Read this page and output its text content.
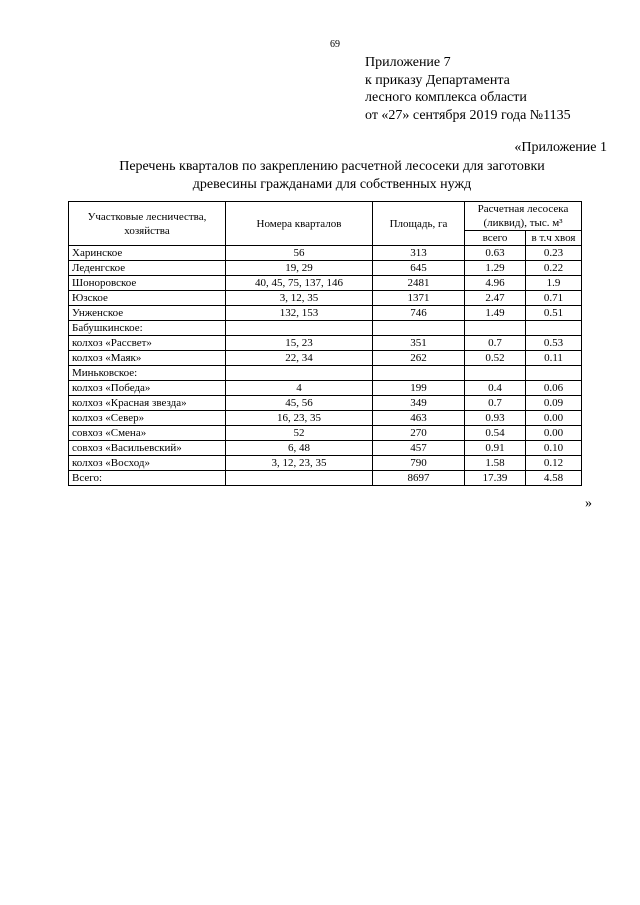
69
Приложение 7
к приказу Департамента
лесного комплекса области
от «27» сентября 2019 года №1135
«Приложение 1
Перечень кварталов по закреплению расчетной лесосеки для заготовки
древесины гражданами для собственных нужд
Участковые лесничества, хозяйства	Номера кварталов	Площадь, га	Расчетная лесосека (ликвид), тыс. м³	
			всего	в т.ч хвоя
Харинское	56	313	0.63	0.23
Ледeнгское	19, 29	645	1.29	0.22
Шоноровское	40, 45, 75, 137, 146	2481	4.96	1.9
Юзское	3, 12, 35	1371	2.47	0.71
Унженское	132, 153	746	1.49	0.51
Бабушкинское:				
колхоз «Рассвет»	15, 23	351	0.7	0.53
колхоз «Маяк»	22, 34	262	0.52	0.11
Миньковское:				
колхоз «Победа»	4	199	0.4	0.06
колхоз «Красная звезда»	45, 56	349	0.7	0.09
колхоз «Север»	16, 23, 35	463	0.93	0.00
совхоз «Смена»	52	270	0.54	0.00
совхоз «Васильевский»	6, 48	457	0.91	0.10
колхоз «Восход»	3, 12, 23, 35	790	1.58	0.12
Всего:		8697	17.39	4.58
»
